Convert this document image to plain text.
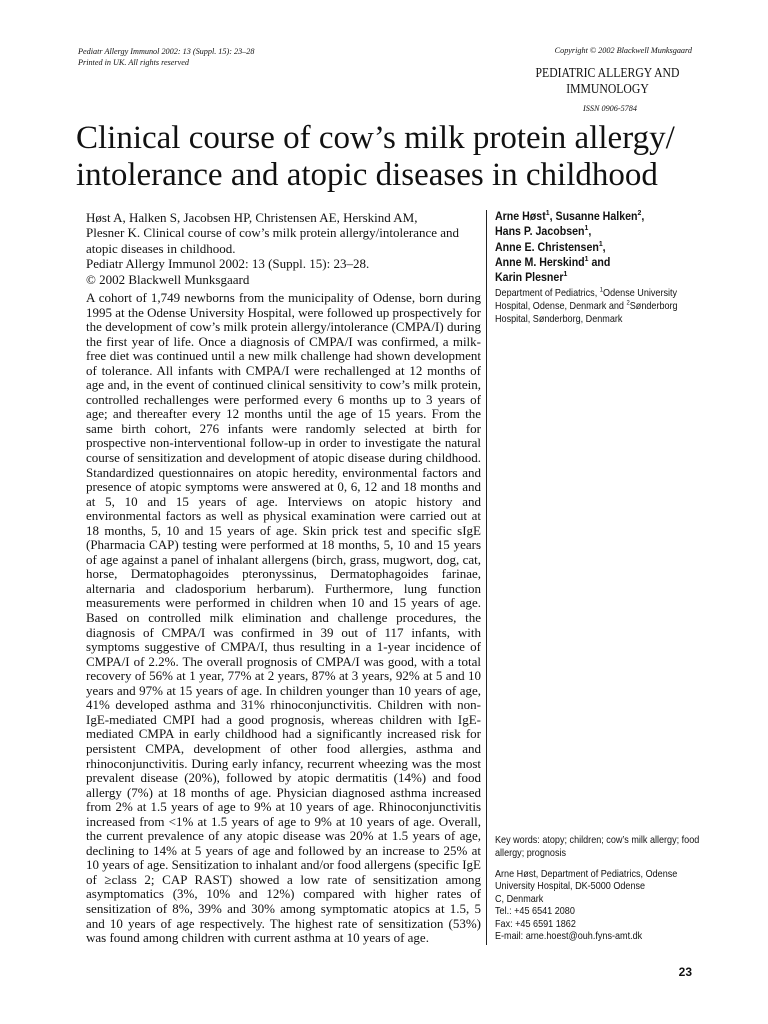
Pediatr Allergy Immunol 2002: 13 (Suppl. 15): 23–28
Printed in UK. All rights reserved
Copyright © 2002 Blackwell Munksgaard
PEDIATRIC ALLERGY AND
IMMUNOLOGY
ISSN 0906-5784
Clinical course of cow’s milk protein allergy/
intolerance and atopic diseases in childhood
Høst A, Halken S, Jacobsen HP, Christensen AE, Herskind AM,
Plesner K. Clinical course of cow’s milk protein allergy/intolerance and
atopic diseases in childhood.
Pediatr Allergy Immunol 2002: 13 (Suppl. 15): 23–28.
© 2002 Blackwell Munksgaard

A cohort of 1,749 newborns from the municipality of Odense, born during 1995 at the Odense University Hospital, were followed up prospectively for the development of cow’s milk protein allergy/intolerance (CMPA/I) during the first year of life. Once a diagnosis of CMPA/I was confirmed, a milk-free diet was continued until a new milk challenge had shown development of tolerance. All infants with CMPA/I were rechallenged at 12 months of age and, in the event of continued clinical sensitivity to cow’s milk protein, controlled rechallenges were performed every 6 months up to 3 years of age; and thereafter every 12 months until the age of 15 years. From the same birth cohort, 276 infants were randomly selected at birth for prospective non-interventional follow-up in order to investigate the natural course of sensitization and development of atopic disease during childhood. Standardized questionnaires on atopic heredity, environmental factors and presence of atopic symptoms were answered at 0, 6, 12 and 18 months and at 5, 10 and 15 years of age. Interviews on atopic history and environmental factors as well as physical examination were carried out at 18 months, 5, 10 and 15 years of age. Skin prick test and specific sIgE (Pharmacia CAP) testing were performed at 18 months, 5, 10 and 15 years of age against a panel of inhalant allergens (birch, grass, mugwort, dog, cat, horse, Dermatophagoides pteronyssinus, Dermatophagoides farinae, alternaria and cladosporium herbarum). Furthermore, lung function measurements were performed in children when 10 and 15 years of age. Based on controlled milk elimination and challenge procedures, the diagnosis of CMPA/I was confirmed in 39 out of 117 infants, with symptoms suggestive of CMPA/I, thus resulting in a 1-year incidence of CMPA/I of 2.2%. The overall prognosis of CMPA/I was good, with a total recovery of 56% at 1 year, 77% at 2 years, 87% at 3 years, 92% at 5 and 10 years and 97% at 15 years of age. In children younger than 10 years of age, 41% developed asthma and 31% rhinoconjunctivitis. Children with non-IgE-mediated CMPI had a good prognosis, whereas children with IgE-mediated CMPA in early childhood had a significantly increased risk for persistent CMPA, development of other food allergies, asthma and rhinoconjunctivitis. During early infancy, recurrent wheezing was the most prevalent disease (20%), followed by atopic dermatitis (14%) and food allergy (7%) at 18 months of age. Physician diagnosed asthma increased from 2% at 1.5 years of age to 9% at 10 years of age. Rhinoconjunctivitis increased from <1% at 1.5 years of age to 9% at 10 years of age. Overall, the current prevalence of any atopic disease was 20% at 1.5 years of age, declining to 14% at 5 years of age and followed by an increase to 25% at 10 years of age. Sensitization to inhalant and/or food allergens (specific IgE of ≥class 2; CAP RAST) showed a low rate of sensitization among asymptomatics (3%, 10% and 12%) compared with higher rates of sensitization of 8%, 39% and 30% among symptomatic atopics at 1.5, 5 and 10 years of age respectively. The highest rate of sensitization (53%) was found among children with current asthma at 10 years of age.

Arne Høst$^1$, Susanne Halken$^2$,
Hans P. Jacobsen$^1$,
Anne E. Christensen$^1$,
Anne M. Herskind$^1$ and
Karin Plesner$^1$
Department of Pediatrics, $^1$Odense University Hospital, Odense, Denmark and $^2$Sønderborg Hospital, Sønderborg, Denmark
Key words: atopy; children; cow’s milk allergy; food allergy; prognosis
Arne Høst, Department of Pediatrics, Odense
University Hospital, DK-5000 Odense
C, Denmark
Tel.: +45 6541 2080
Fax: +45 6591 1862
E-mail: arne.hoest@ouh.fyns-amt.dk
23
